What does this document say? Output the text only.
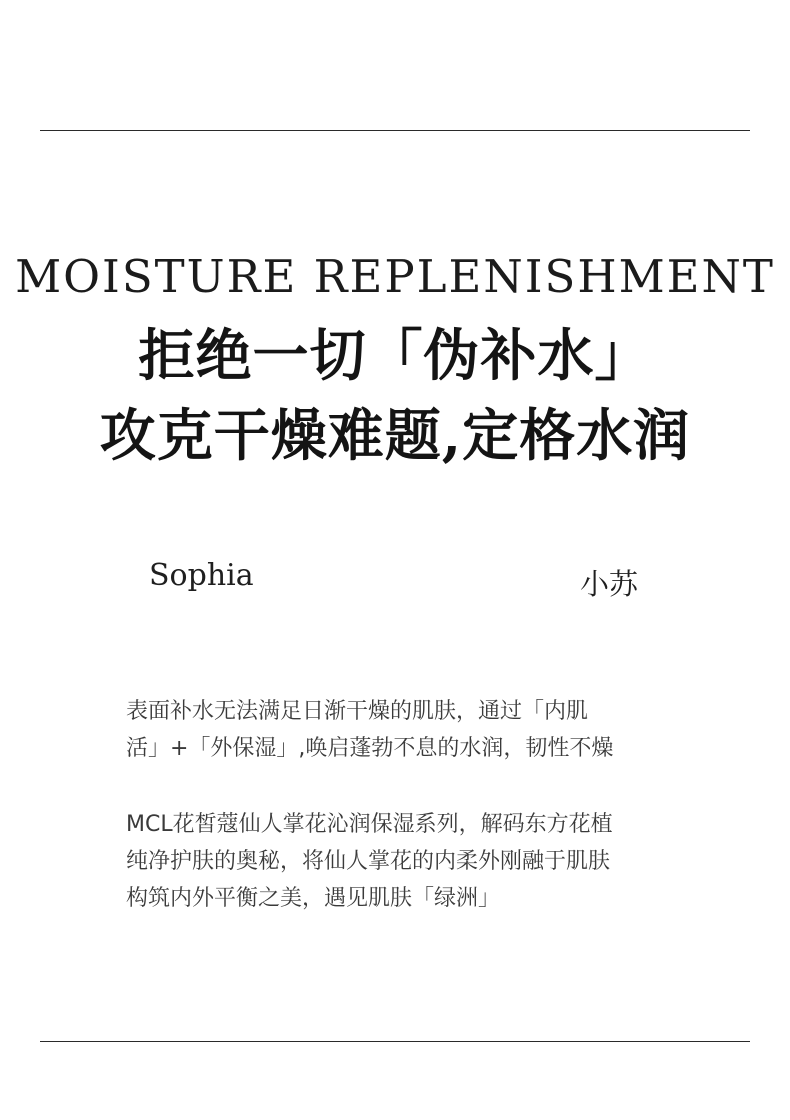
MOISTURE REPLENISHMENT
拒绝一切「伪补水」
攻克干燥难题,定格水润
Sophia	小苏
表面补水无法满足日渐干燥的肌肤，通过「内肌
活」+「外保湿」,唤启蓬勃不息的水润，韧性不燥
MCL花皙蔻仙人掌花沁润保湿系列，解码东方花植
纯净护肤的奥秘，将仙人掌花的内柔外刚融于肌肤
构筑内外平衡之美，遇见肌肤「绿洲」
